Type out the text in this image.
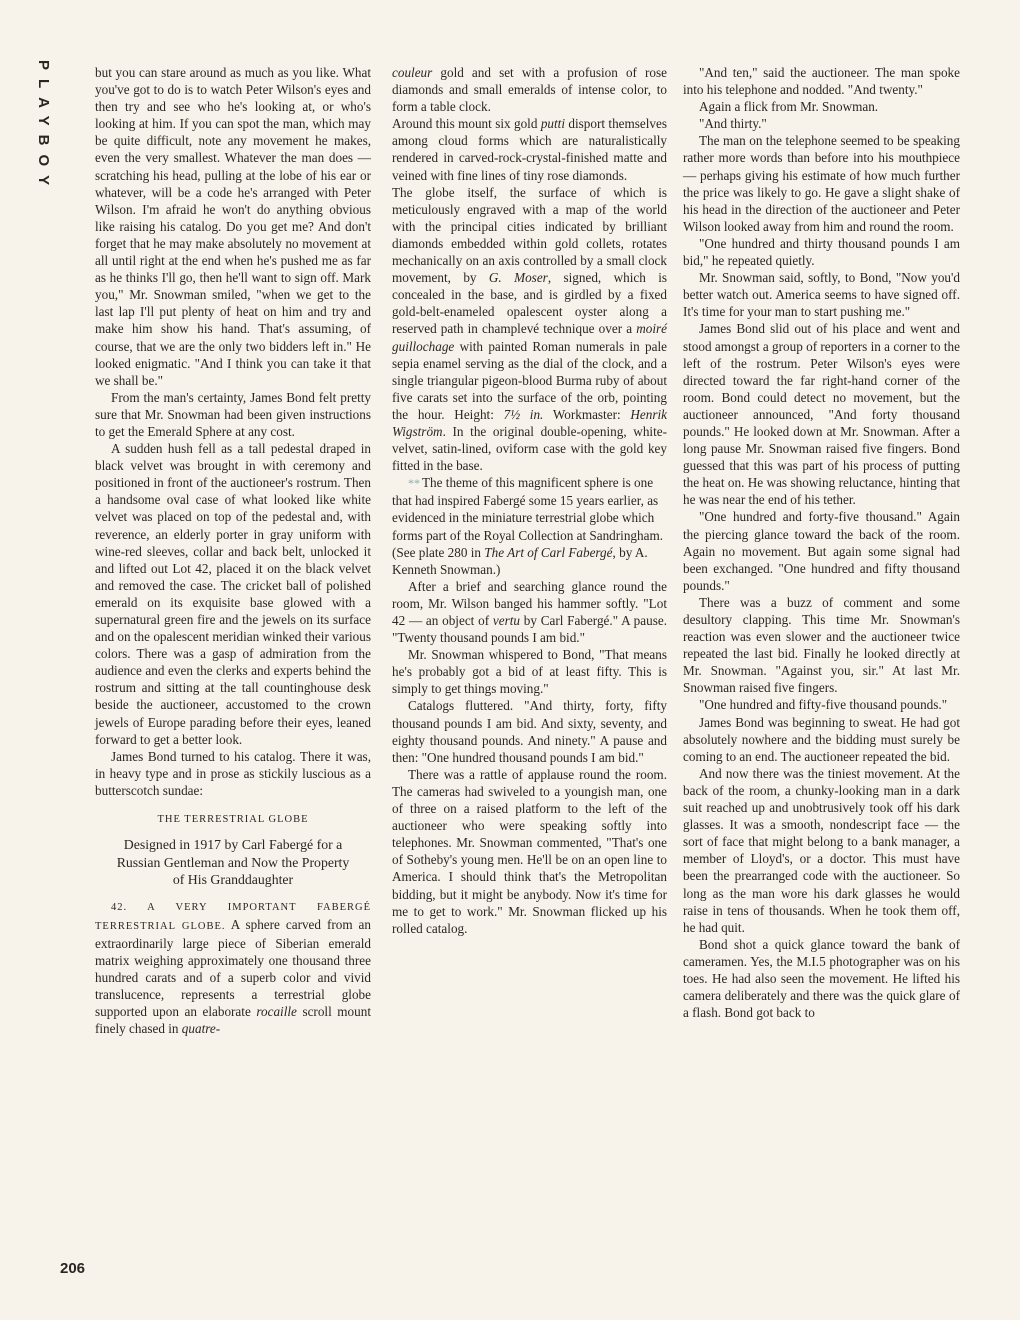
PLAYBOY
206

but you can stare around as much as you like. What you've got to do is to watch Peter Wilson's eyes and then try and see who he's looking at, or who's looking at him. If you can spot the man, which may be quite difficult, note any movement he makes, even the very smallest. Whatever the man does — scratching his head, pulling at the lobe of his ear or whatever, will be a code he's arranged with Peter Wilson. I'm afraid he won't do anything obvious like raising his catalog. Do you get me? And don't forget that he may make absolutely no movement at all until right at the end when he's pushed me as far as he thinks I'll go, then he'll want to sign off. Mark you," Mr. Snowman smiled, "when we get to the last lap I'll put plenty of heat on him and try and make him show his hand. That's assuming, of course, that we are the only two bidders left in." He looked enigmatic. "And I think you can take it that we shall be."

From the man's certainty, James Bond felt pretty sure that Mr. Snowman had been given instructions to get the Emerald Sphere at any cost.

A sudden hush fell as a tall pedestal draped in black velvet was brought in with ceremony and positioned in front of the auctioneer's rostrum. Then a handsome oval case of what looked like white velvet was placed on top of the pedestal and, with reverence, an elderly porter in gray uniform with wine-red sleeves, collar and back belt, unlocked it and lifted out Lot 42, placed it on the black velvet and removed the case. The cricket ball of polished emerald on its exquisite base glowed with a supernatural green fire and the jewels on its surface and on the opalescent meridian winked their various colors. There was a gasp of admiration from the audience and even the clerks and experts behind the rostrum and sitting at the tall countinghouse desk beside the auctioneer, accustomed to the crown jewels of Europe parading before their eyes, leaned forward to get a better look.

James Bond turned to his catalog. There it was, in heavy type and in prose as stickily luscious as a butterscotch sundae:

THE TERRESTRIAL GLOBE
Designed in 1917 by Carl Fabergé for a Russian Gentleman and Now the Property of His Granddaughter

42. A VERY IMPORTANT FABERGÉ TERRESTRIAL GLOBE. A sphere carved from an extraordinarily large piece of Siberian emerald matrix weighing approximately one thousand three hundred carats and of a superb color and vivid translucence, represents a terrestrial globe supported upon an elaborate rocaille scroll mount finely chased in quatre-

couleur gold and set with a profusion of rose diamonds and small emeralds of intense color, to form a table clock.

Around this mount six gold putti disport themselves among cloud forms which are naturalistically rendered in carved-rock-crystal-finished matte and veined with fine lines of tiny rose diamonds.

The globe itself, the surface of which is meticulously engraved with a map of the world with the principal cities indicated by brilliant diamonds embedded within gold collets, rotates mechanically on an axis controlled by a small clock movement, by G. Moser, signed, which is concealed in the base, and is girdled by a fixed gold-belt-enameled opalescent oyster along a reserved path in champlevé technique over a moiré guillochage with painted Roman numerals in pale sepia enamel serving as the dial of the clock, and a single triangular pigeon-blood Burma ruby of about five carats set into the surface of the orb, pointing the hour. Height: 7½ in. Workmaster: Henrik Wigström. In the original double-opening, white-velvet, satin-lined, oviform case with the gold key fitted in the base.

** The theme of this magnificent sphere is one that had inspired Fabergé some 15 years earlier, as evidenced in the miniature terrestrial globe which forms part of the Royal Collection at Sandringham. (See plate 280 in The Art of Carl Fabergé, by A. Kenneth Snowman.)

After a brief and searching glance round the room, Mr. Wilson banged his hammer softly. "Lot 42 — an object of vertu by Carl Fabergé." A pause. "Twenty thousand pounds I am bid."

Mr. Snowman whispered to Bond, "That means he's probably got a bid of at least fifty. This is simply to get things moving."

Catalogs fluttered. "And thirty, forty, fifty thousand pounds I am bid. And sixty, seventy, and eighty thousand pounds. And ninety." A pause and then: "One hundred thousand pounds I am bid."

There was a rattle of applause round the room. The cameras had swiveled to a youngish man, one of three on a raised platform to the left of the auctioneer who were speaking softly into telephones. Mr. Snowman commented, "That's one of Sotheby's young men. He'll be on an open line to America. I should think that's the Metropolitan bidding, but it might be anybody. Now it's time for me to get to work." Mr. Snowman flicked up his rolled catalog.

"And ten," said the auctioneer. The man spoke into his telephone and nodded. "And twenty."

Again a flick from Mr. Snowman.

"And thirty."

The man on the telephone seemed to be speaking rather more words than before into his mouthpiece — perhaps giving his estimate of how much further the price was likely to go. He gave a slight shake of his head in the direction of the auctioneer and Peter Wilson looked away from him and round the room.

"One hundred and thirty thousand pounds I am bid," he repeated quietly.

Mr. Snowman said, softly, to Bond, "Now you'd better watch out. America seems to have signed off. It's time for your man to start pushing me."

James Bond slid out of his place and went and stood amongst a group of reporters in a corner to the left of the rostrum. Peter Wilson's eyes were directed toward the far right-hand corner of the room. Bond could detect no movement, but the auctioneer announced, "And forty thousand pounds." He looked down at Mr. Snowman. After a long pause Mr. Snowman raised five fingers. Bond guessed that this was part of his process of putting the heat on. He was showing reluctance, hinting that he was near the end of his tether.

"One hundred and forty-five thousand." Again the piercing glance toward the back of the room. Again no movement. But again some signal had been exchanged. "One hundred and fifty thousand pounds."

There was a buzz of comment and some desultory clapping. This time Mr. Snowman's reaction was even slower and the auctioneer twice repeated the last bid. Finally he looked directly at Mr. Snowman. "Against you, sir." At last Mr. Snowman raised five fingers.

"One hundred and fifty-five thousand pounds."

James Bond was beginning to sweat. He had got absolutely nowhere and the bidding must surely be coming to an end. The auctioneer repeated the bid.

And now there was the tiniest movement. At the back of the room, a chunky-looking man in a dark suit reached up and unobtrusively took off his dark glasses. It was a smooth, nondescript face — the sort of face that might belong to a bank manager, a member of Lloyd's, or a doctor. This must have been the prearranged code with the auctioneer. So long as the man wore his dark glasses he would raise in tens of thousands. When he took them off, he had quit.

Bond shot a quick glance toward the bank of cameramen. Yes, the M.I.5 photographer was on his toes. He had also seen the movement. He lifted his camera deliberately and there was the quick glare of a flash. Bond got back to
